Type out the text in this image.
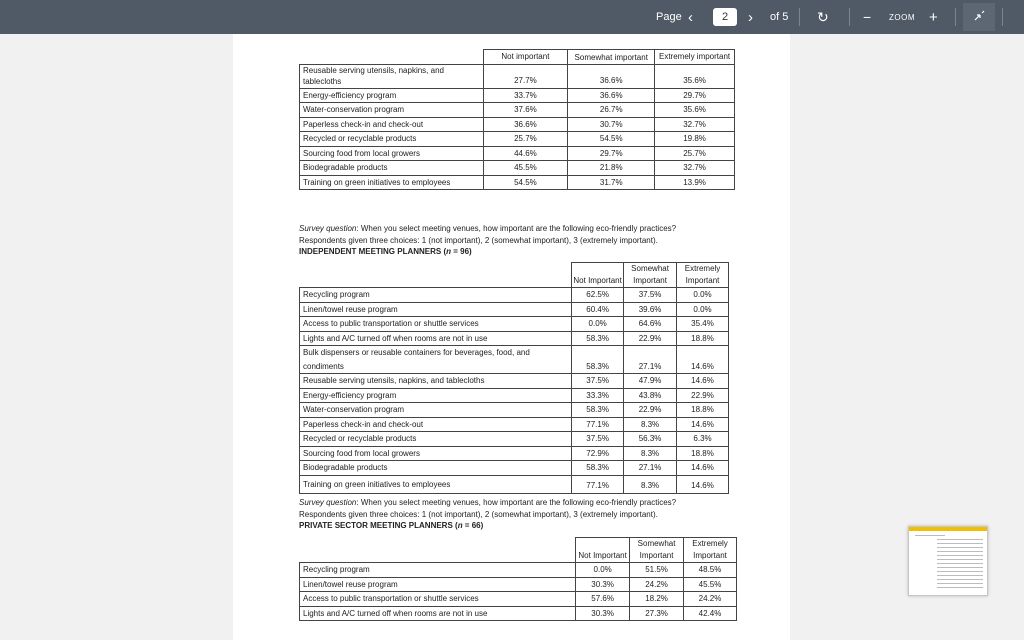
Page ‹	2	› of 5 ↻ − ZOOM +
	Not important	Somewhat important	Extremely important
Reusable serving utensils, napkins, and tablecloths	27.7%	36.6%	35.6%
Energy-efficiency program	33.7%	36.6%	29.7%
Water-conservation program	37.6%	26.7%	35.6%
Paperless check-in and check-out	36.6%	30.7%	32.7%
Recycled or recyclable products	25.7%	54.5%	19.8%
Sourcing food from local growers	44.6%	29.7%	25.7%
Biodegradable products	45.5%	21.8%	32.7%
Training on green initiatives to employees	54.5%	31.7%	13.9%
Survey question: When you select meeting venues, how important are the following eco-friendly practices?
Respondents given three choices: 1 (not important), 2 (somewhat important), 3 (extremely important).
INDEPENDENT MEETING PLANNERS (n = 96)
	Not Important	Somewhat Important	Extremely Important
Recycling program	62.5%	37.5%	0.0%
Linen/towel reuse program	60.4%	39.6%	0.0%
Access to public transportation or shuttle services	0.0%	64.6%	35.4%
Lights and A/C turned off when rooms are not in use	58.3%	22.9%	18.8%
Bulk dispensers or reusable containers for beverages, food, and condiments	58.3%	27.1%	14.6%
Reusable serving utensils, napkins, and tablecloths	37.5%	47.9%	14.6%
Energy-efficiency program	33.3%	43.8%	22.9%
Water-conservation program	58.3%	22.9%	18.8%
Paperless check-in and check-out	77.1%	8.3%	14.6%
Recycled or recyclable products	37.5%	56.3%	6.3%
Sourcing food from local growers	72.9%	8.3%	18.8%
Biodegradable products	58.3%	27.1%	14.6%
Training on green initiatives to employees	77.1%	8.3%	14.6%
Survey question: When you select meeting venues, how important are the following eco-friendly practices?
Respondents given three choices: 1 (not important), 2 (somewhat important), 3 (extremely important).
PRIVATE SECTOR MEETING PLANNERS (n = 66)
	Not Important	Somewhat Important	Extremely Important
Recycling program	0.0%	51.5%	48.5%
Linen/towel reuse program	30.3%	24.2%	45.5%
Access to public transportation or shuttle services	57.6%	18.2%	24.2%
Lights and A/C turned off when rooms are not in use	30.3%	27.3%	42.4%
